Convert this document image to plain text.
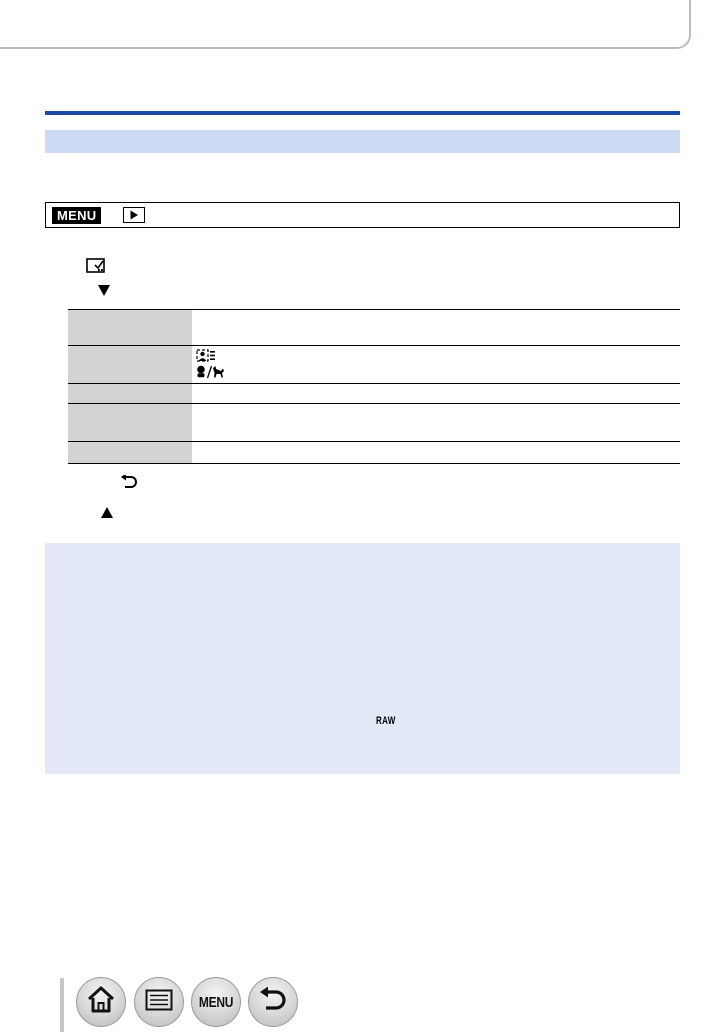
MENU
RAW
MENU
